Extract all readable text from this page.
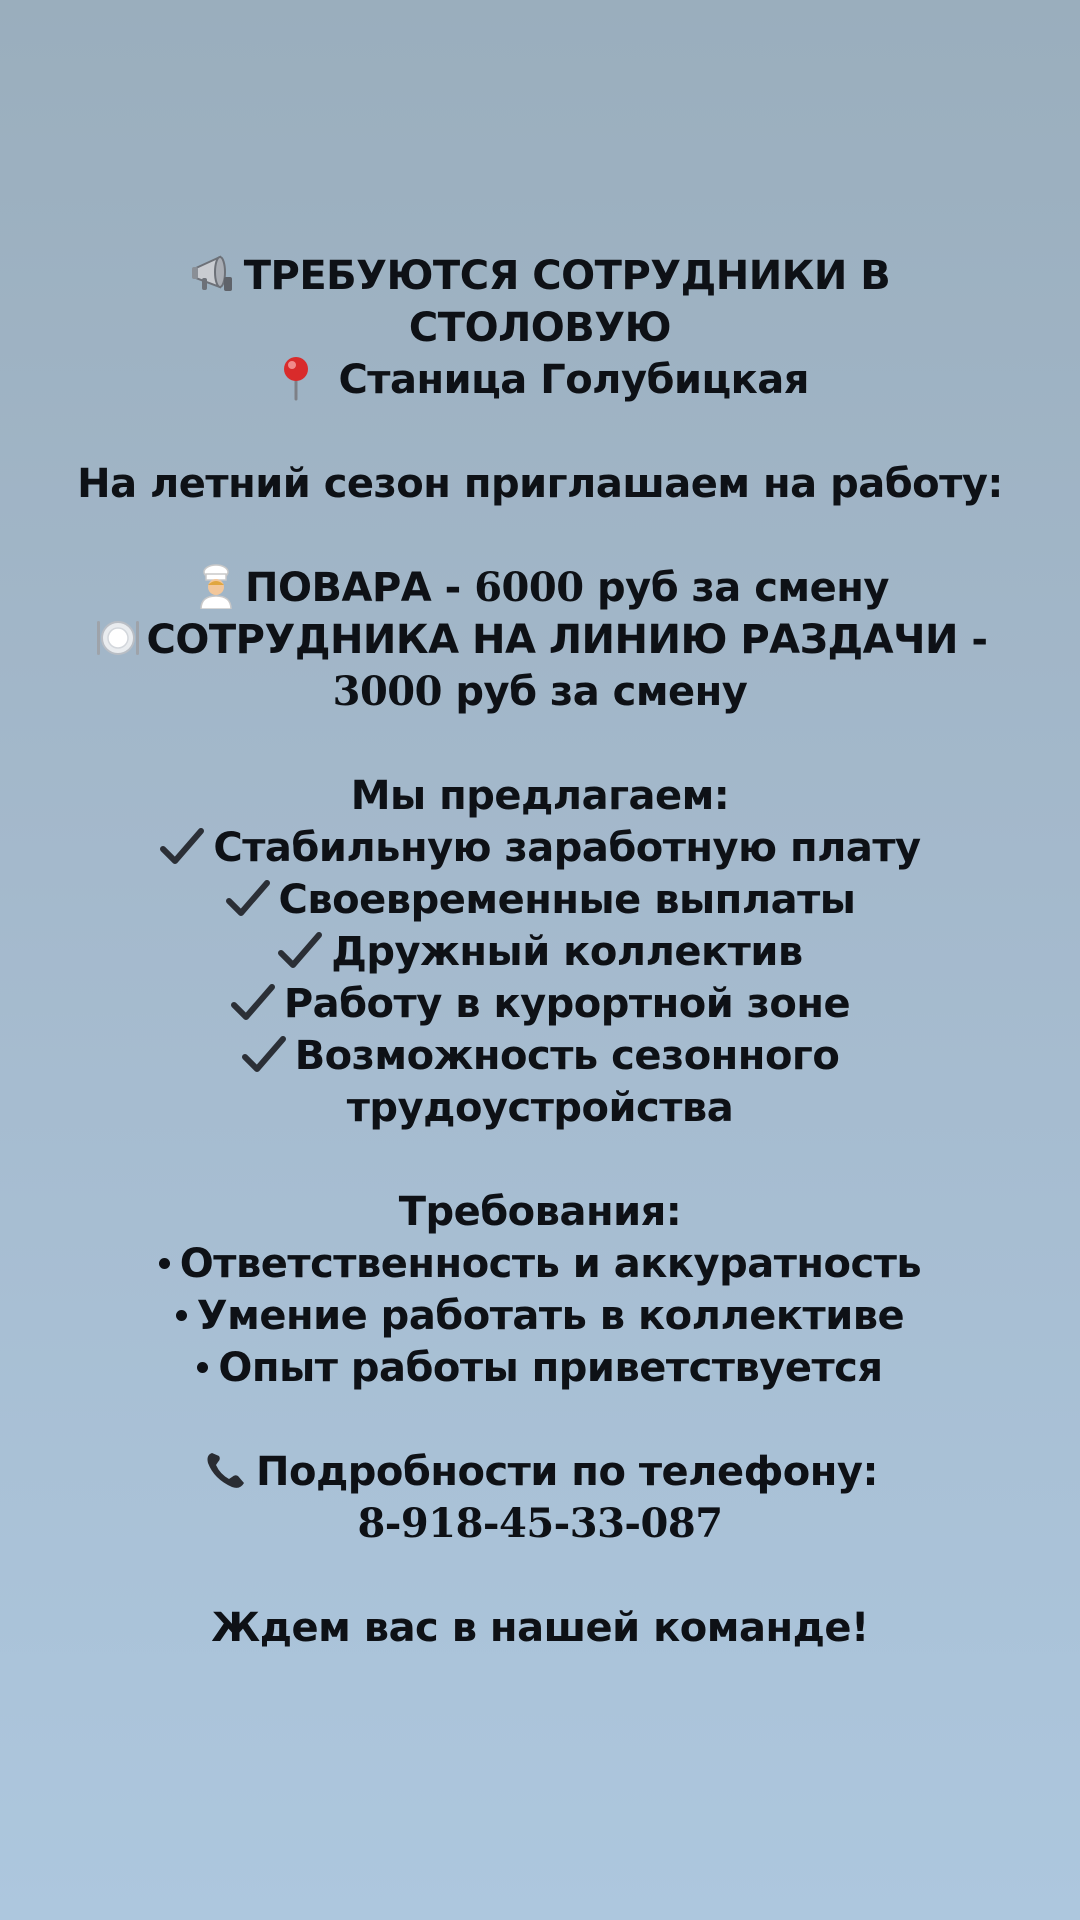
ТРЕБУЮТСЯ СОТРУДНИКИ В
СТОЛОВУЮ
Станица Голубицкая
На летний сезон приглашаем на работу:
ПОВАРА - 6000 руб за смену
СОТРУДНИКА НА ЛИНИЮ РАЗДАЧИ -
3000 руб за смену
Мы предлагаем:
Стабильную заработную плату
Своевременные выплаты
Дружный коллектив
Работу в курортной зоне
Возможность сезонного
трудоустройства
Требования:
Ответственность и аккуратность
Умение работать в коллективе
Опыт работы приветствуется
Подробности по телефону:
8-918-45-33-087
Ждем вас в нашей команде!
